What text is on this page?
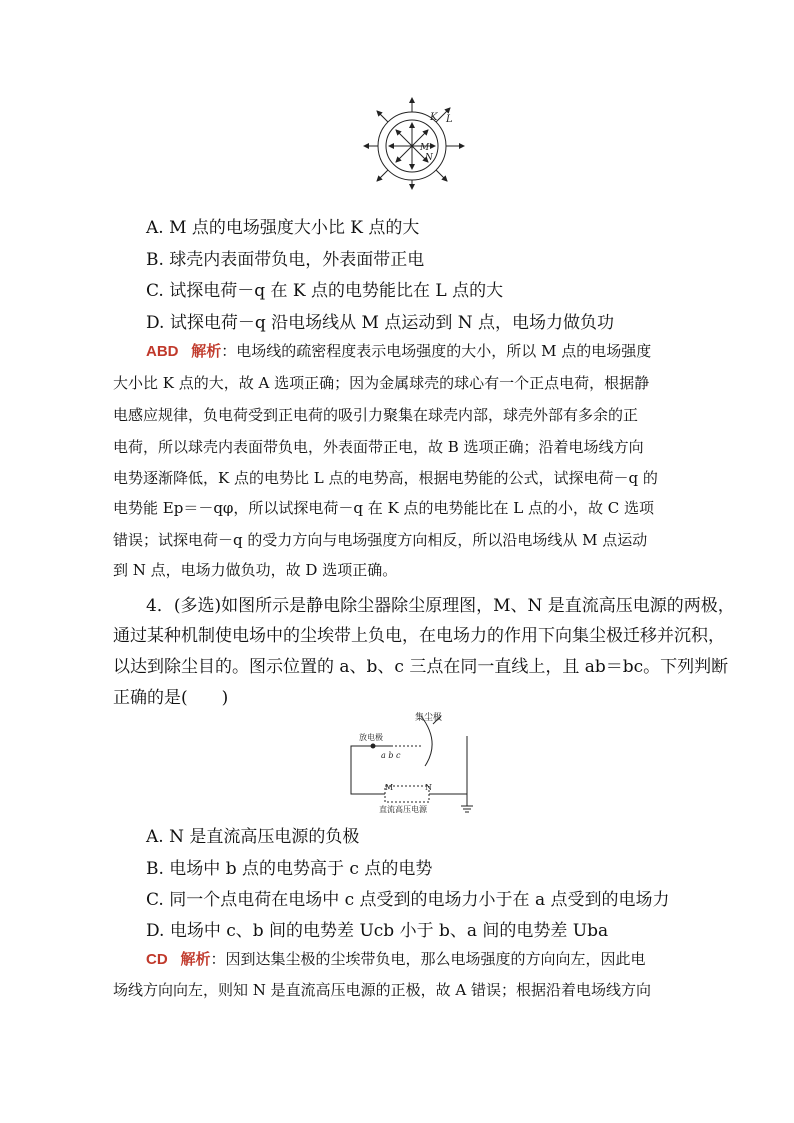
K L
M
N
A. M 点的电场强度大小比 K 点的大
B. 球壳内表面带负电，外表面带正电
C. 试探电荷－q 在 K 点的电势能比在 L 点的大
D. 试探电荷－q 沿电场线从 M 点运动到 N 点，电场力做负功
ABD 解析：电场线的疏密程度表示电场强度的大小，所以 M 点的电场强度
大小比 K 点的大，故 A 选项正确；因为金属球壳的球心有一个正点电荷，根据静
电感应规律，负电荷受到正电荷的吸引力聚集在球壳内部，球壳外部有多余的正
电荷，所以球壳内表面带负电，外表面带正电，故 B 选项正确；沿着电场线方向
电势逐渐降低，K 点的电势比 L 点的电势高，根据电势能的公式，试探电荷－q 的
电势能 Ep＝－qφ，所以试探电荷－q 在 K 点的电势能比在 L 点的小，故 C 选项
错误；试探电荷－q 的受力方向与电场强度方向相反，所以沿电场线从 M 点运动
到 N 点，电场力做负功，故 D 选项正确。
4．(多选)如图所示是静电除尘器除尘原理图，M、N 是直流高压电源的两极，
通过某种机制使电场中的尘埃带上负电，在电场力的作用下向集尘极迁移并沉积，
以达到除尘目的。图示位置的 a、b、c 三点在同一直线上，且 ab＝bc。下列判断
正确的是(　　)
集尘极
放电极
a b c
M	N
直流高压电源
A. N 是直流高压电源的负极
B. 电场中 b 点的电势高于 c 点的电势
C. 同一个点电荷在电场中 c 点受到的电场力小于在 a 点受到的电场力
D. 电场中 c、b 间的电势差 Ucb 小于 b、a 间的电势差 Uba
CD 解析：因到达集尘极的尘埃带负电，那么电场强度的方向向左，因此电
场线方向向左，则知 N 是直流高压电源的正极，故 A 错误；根据沿着电场线方向
